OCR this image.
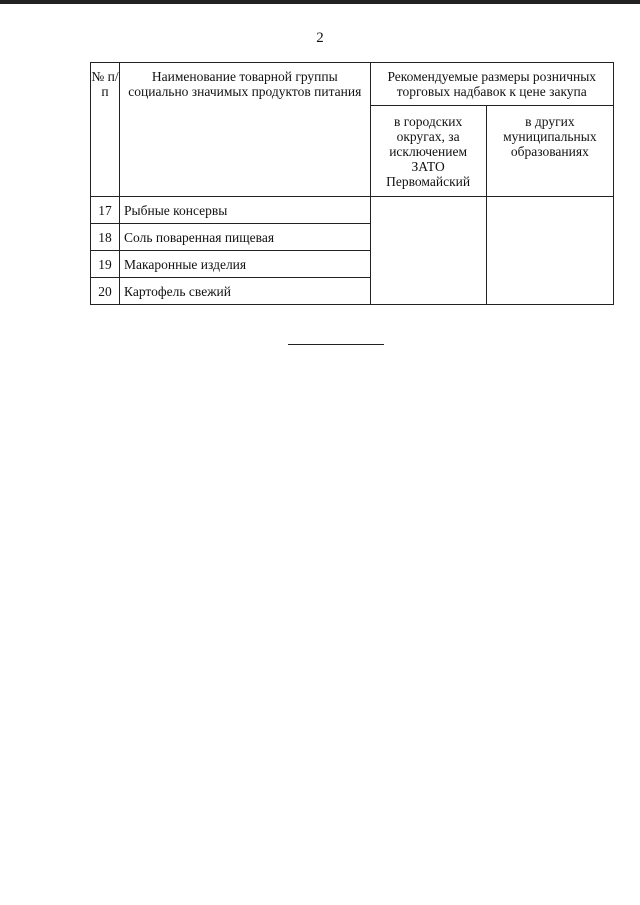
2
№ п/п	Наименование товарной группы социально значимых продуктов питания	Рекомендуемые размеры розничных торговых надбавок к цене закупа	
		в городских округах, за исключением ЗАТО Первомайский	в других муниципальных образованиях
17	Рыбные консервы		
18	Соль поваренная пищевая		
19	Макаронные изделия		
20	Картофель свежий		
